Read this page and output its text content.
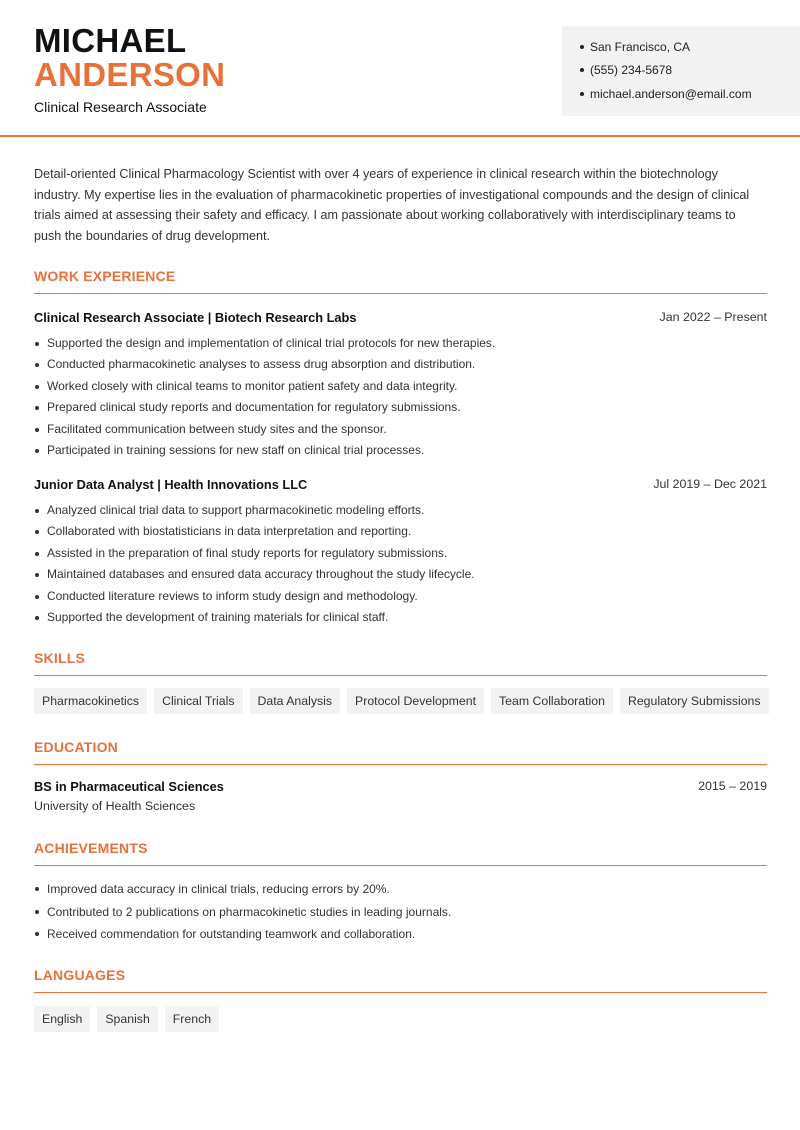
MICHAEL
ANDERSON
Clinical Research Associate
San Francisco, CA
(555) 234-5678
michael.anderson@email.com
Detail-oriented Clinical Pharmacology Scientist with over 4 years of experience in clinical research within the biotechnology industry. My expertise lies in the evaluation of pharmacokinetic properties of investigational compounds and the design of clinical trials aimed at assessing their safety and efficacy. I am passionate about working collaboratively with interdisciplinary teams to push the boundaries of drug development.
WORK EXPERIENCE
Clinical Research Associate | Biotech Research Labs	Jan 2022 – Present
Supported the design and implementation of clinical trial protocols for new therapies.
Conducted pharmacokinetic analyses to assess drug absorption and distribution.
Worked closely with clinical teams to monitor patient safety and data integrity.
Prepared clinical study reports and documentation for regulatory submissions.
Facilitated communication between study sites and the sponsor.
Participated in training sessions for new staff on clinical trial processes.
Junior Data Analyst | Health Innovations LLC	Jul 2019 – Dec 2021
Analyzed clinical trial data to support pharmacokinetic modeling efforts.
Collaborated with biostatisticians in data interpretation and reporting.
Assisted in the preparation of final study reports for regulatory submissions.
Maintained databases and ensured data accuracy throughout the study lifecycle.
Conducted literature reviews to inform study design and methodology.
Supported the development of training materials for clinical staff.
SKILLS
Pharmacokinetics	Clinical Trials	Data Analysis	Protocol Development	Team Collaboration	Regulatory Submissions
EDUCATION
BS in Pharmaceutical Sciences	2015 – 2019
University of Health Sciences
ACHIEVEMENTS
Improved data accuracy in clinical trials, reducing errors by 20%.
Contributed to 2 publications on pharmacokinetic studies in leading journals.
Received commendation for outstanding teamwork and collaboration.
LANGUAGES
English	Spanish	French
